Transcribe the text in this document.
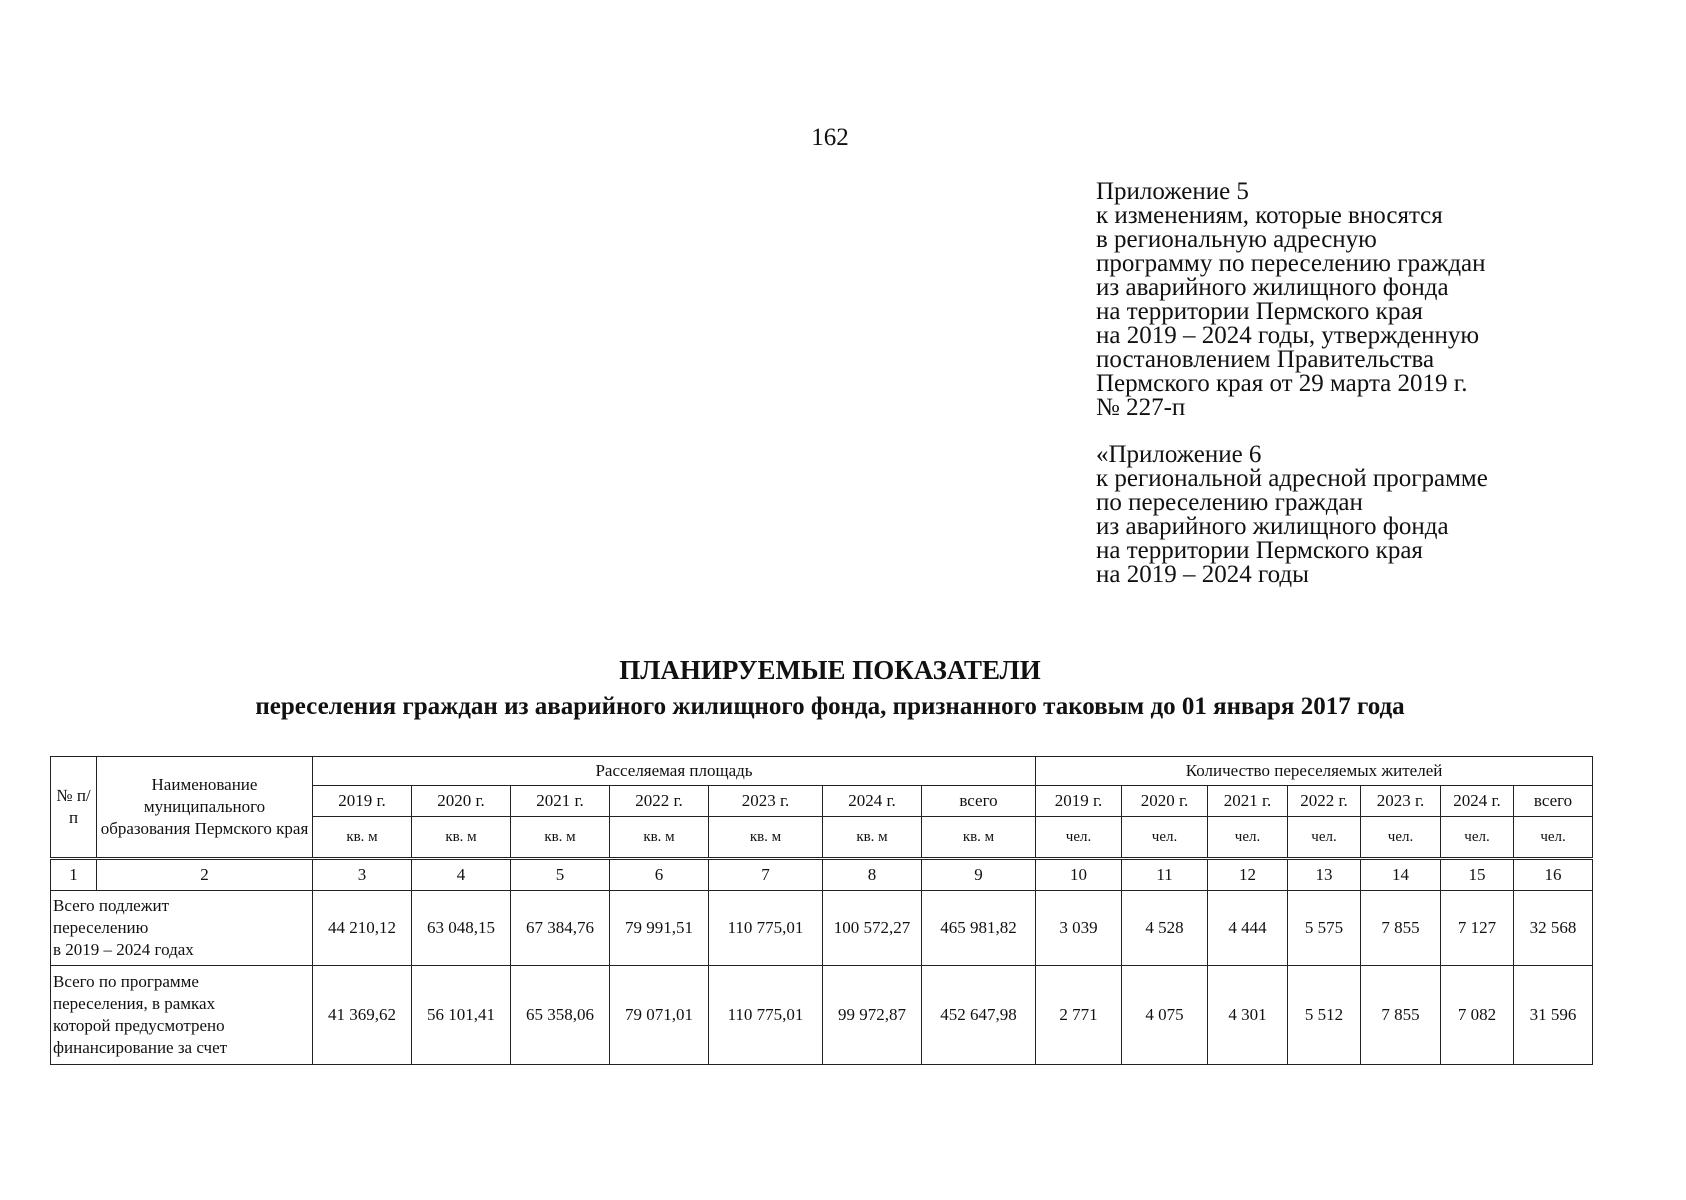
162
Приложение 5
к изменениям, которые вносятся
в региональную адресную
программу по переселению граждан
из аварийного жилищного фонда
на территории Пермского края
на 2019 – 2024 годы, утвержденную
постановлением Правительства
Пермского края от 29 марта 2019 г.
№ 227-п
«Приложение 6
к региональной адресной программе
по переселению граждан
из аварийного жилищного фонда
на территории Пермского края
на 2019 – 2024 годы
ПЛАНИРУЕМЫЕ ПОКАЗАТЕЛИ
переселения граждан из аварийного жилищного фонда, признанного таковым до 01 января 2017 года
№ п/п	Наименование муниципального образования Пермского края	Расселяемая площадь							Количество переселяемых жителей						
		2019 г.	2020 г.	2021 г.	2022 г.	2023 г.	2024 г.	всего	2019 г.	2020 г.	2021 г.	2022 г.	2023 г.	2024 г.	всего
		кв. м	кв. м	кв. м	кв. м	кв. м	кв. м	кв. м	чел.	чел.	чел.	чел.	чел.	чел.	чел.
1	2	3	4	5	6	7	8	9	10	11	12	13	14	15	16
Всего подлежит
переселению
в 2019 – 2024 годах		44 210,12	63 048,15	67 384,76	79 991,51	110 775,01	100 572,27	465 981,82	3 039	4 528	4 444	5 575	7 855	7 127	32 568
Всего по программе
переселения, в рамках
которой предусмотрено
финансирование за счет		41 369,62	56 101,41	65 358,06	79 071,01	110 775,01	99 972,87	452 647,98	2 771	4 075	4 301	5 512	7 855	7 082	31 596
